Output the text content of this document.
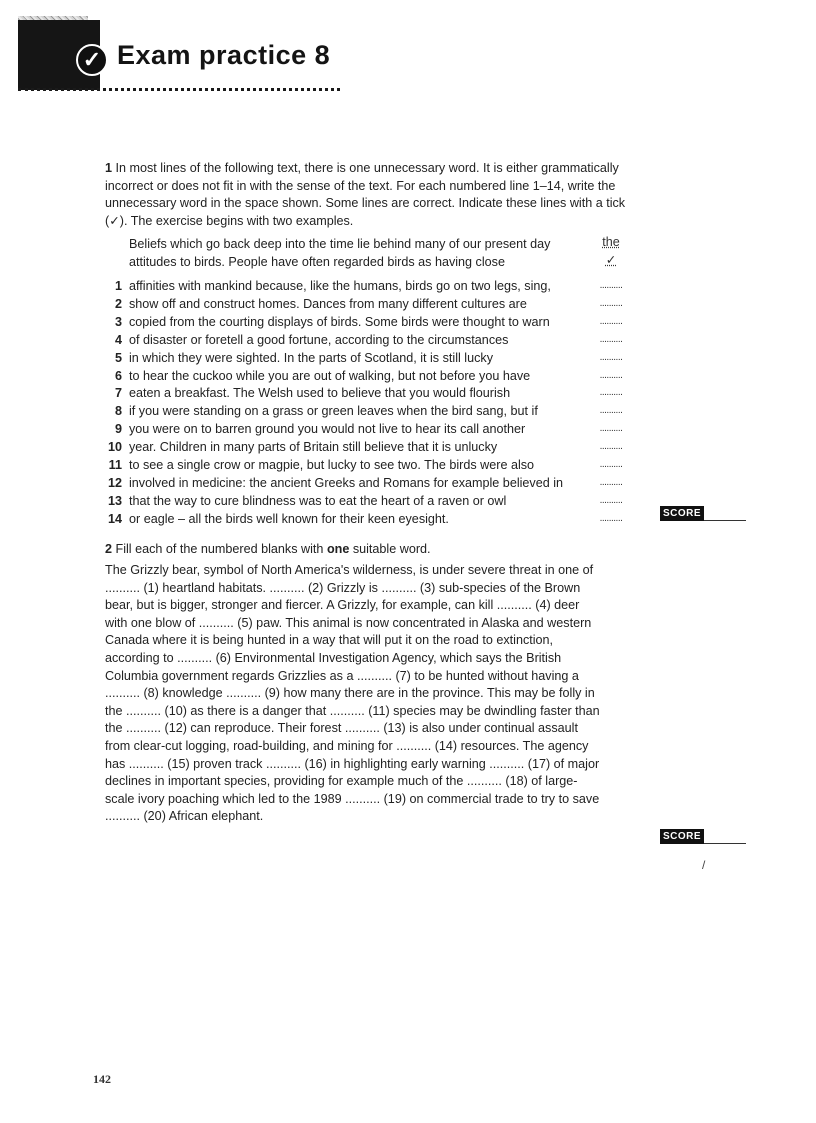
✓ Exam practice 8

1 In most lines of the following text, there is one unnecessary word. It is either grammatically incorrect or does not fit in with the sense of the text. For each numbered line 1–14, write the unnecessary word in the space shown. Some lines are correct. Indicate these lines with a tick (✓). The exercise begins with two examples.

Beliefs which go back deep into the time lie behind many of our present day	the
attitudes to birds. People have often regarded birds as having close	✓
1 affinities with mankind because, like the humans, birds go on two legs, sing,	..........
2 show off and construct homes. Dances from many different cultures are	..........
3 copied from the courting displays of birds. Some birds were thought to warn	..........
4 of disaster or foretell a good fortune, according to the circumstances	..........
5 in which they were sighted. In the parts of Scotland, it is still lucky	..........
6 to hear the cuckoo while you are out of walking, but not before you have	..........
7 eaten a breakfast. The Welsh used to believe that you would flourish	..........
8 if you were standing on a grass or green leaves when the bird sang, but if	..........
9 you were on to barren ground you would not live to hear its call another	..........
10 year. Children in many parts of Britain still believe that it is unlucky	..........
11 to see a single crow or magpie, but lucky to see two. The birds were also	..........
12 involved in medicine: the ancient Greeks and Romans for example believed in	..........
13 that the way to cure blindness was to eat the heart of a raven or owl	..........
14 or eagle – all the birds well known for their keen eyesight.	..........	SCORE

2 Fill each of the numbered blanks with one suitable word.

The Grizzly bear, symbol of North America's wilderness, is under severe threat in one of .......... (1) heartland habitats. .......... (2) Grizzly is .......... (3) sub-species of the Brown bear, but is bigger, stronger and fiercer. A Grizzly, for example, can kill .......... (4) deer with one blow of .......... (5) paw. This animal is now concentrated in Alaska and western Canada where it is being hunted in a way that will put it on the road to extinction, according to .......... (6) Environmental Investigation Agency, which says the British Columbia government regards Grizzlies as a .......... (7) to be hunted without having a .......... (8) knowledge .......... (9) how many there are in the province. This may be folly in the .......... (10) as there is a danger that .......... (11) species may be dwindling faster than the .......... (12) can reproduce. Their forest .......... (13) is also under continual assault from clear-cut logging, road-building, and mining for .......... (14) resources. The agency has .......... (15) proven track .......... (16) in highlighting early warning .......... (17) of major declines in important species, providing for example much of the .......... (18) of large-scale ivory poaching which led to the 1989 .......... (19) on commercial trade to try to save .......... (20) African elephant.

SCORE
/
142
